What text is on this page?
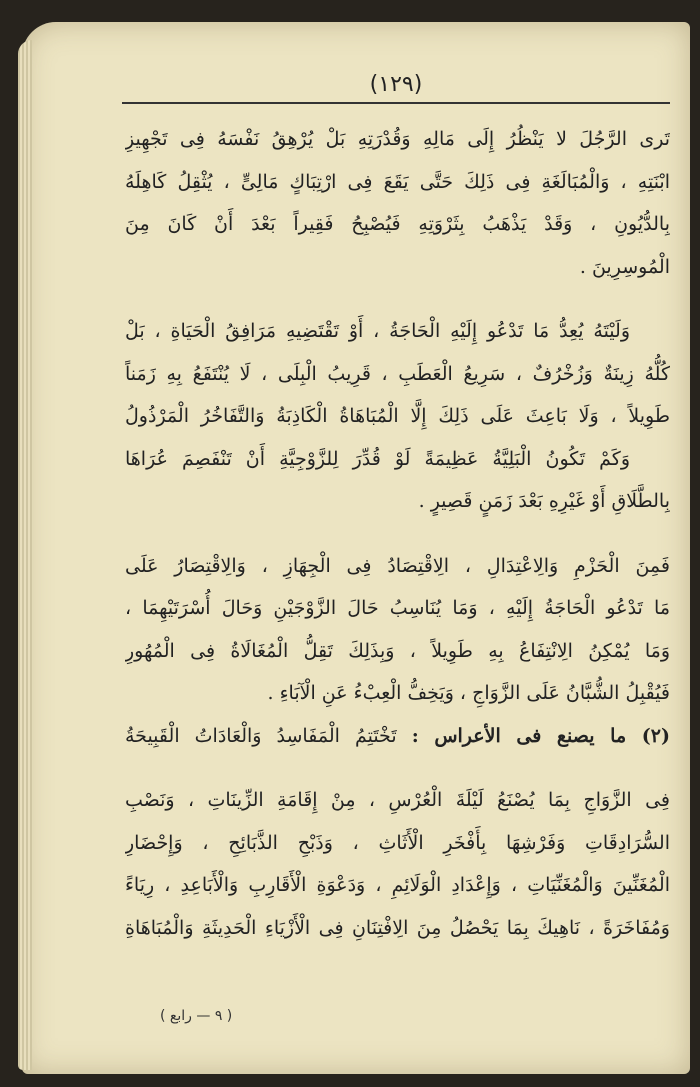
(١٢٩)
تَرى الرَّجُلَ لا يَنْظُرُ إِلَى مَالِهِ وَقُدْرَتِهِ بَلْ يُرْهِقُ نَفْسَهُ فِى تَجْهِيزِ
ابْنَتِهِ ، وَالْمُبَالَغَةِ فِى ذَلِكَ حَتَّى يَقَعَ فِى ارْتِبَاكٍ مَالِىٍّ ، يُثْقِلُ كَاهِلَهُ
بِالدُّيُونِ ، وَقَدْ يَذْهَبُ بِثَرْوَتِهِ فَيُصْبِحُ فَقِيراً بَعْدَ أَنْ كَانَ مِنَ
الْمُوسِرِينَ .
وَلَيْتَهُ يُعِدُّ مَا تَدْعُو إِلَيْهِ الْحَاجَةُ ، أَوْ تَقْتَضِيهِ مَرَافِقُ الْحَيَاةِ ، بَلْ
كُلُّهُ زِينَةٌ وَزُخْرُفٌ ، سَرِيعُ الْعَطَبِ ، قَرِيبُ الْبِلَى ، لَا يُنْتَفَعُ بِهِ زَمَناً
طَوِيلاً ، وَلَا بَاعِثَ عَلَى ذَلِكَ إِلَّا الْمُبَاهَاةُ الْكَاذِبَةُ وَالتَّفَاخُرُ الْمَرْذُولُ
وَكَمْ تَكُونُ الْبَلِيَّةُ عَظِيمَةً لَوْ قُدِّرَ لِلزَّوْجِيَّةِ أَنْ تَنْفَصِمَ عُرَاهَا
بِالطَّلَاقِ أَوْ غَيْرِهِ بَعْدَ زَمَنٍ قَصِيرٍ .
فَمِنَ الْحَزْمِ وَالِاعْتِدَالِ ، الِاقْتِصَادُ فِى الْجِهَازِ ، وَالِاقْتِصَارُ عَلَى
مَا تَدْعُو الْحَاجَةُ إِلَيْهِ ، وَمَا يُنَاسِبُ حَالَ الزَّوْجَيْنِ وَحَالَ أُسْرَتَيْهِمَا ،
وَمَا يُمْكِنُ الِانْتِفَاعُ بِهِ طَوِيلاً ، وَبِذَلِكَ تَقِلُّ الْمُغَالَاةُ فِى الْمُهُورِ
فَيُقْبِلُ الشُّبَّانُ عَلَى الزَّوَاجِ ، وَيَخِفُّ الْعِبْءُ عَنِ الْآبَاءِ .
(٢) ما يصنع فى الأعراس : تَخْتَتِمُ الْمَفَاسِدُ وَالْعَادَاتُ الْقَبِيحَةُ
فِى الزَّوَاجِ بِمَا يُصْنَعُ لَيْلَةَ الْعُرْسِ ، مِنْ إِقَامَةِ الزِّينَاتِ ، وَنَصْبِ
السُّرَادِقَاتِ وَفَرْشِهَا بِأَفْخَرِ الْأَثَاثِ ، وَذَبْحِ الذَّبَائِحِ ، وَإِحْضَارِ
الْمُغَنِّينَ وَالْمُغَنِّيَاتِ ، وَإِعْدَادِ الْوَلَائِمِ ، وَدَعْوَةِ الْأَقَارِبِ وَالْأَبَاعِدِ ، رِيَاءً
وَمُفَاخَرَةً ، نَاهِيكَ بِمَا يَحْصُلُ مِنَ الِافْتِنَانِ فِى الْأَزْيَاءِ الْحَدِيثَةِ وَالْمُبَاهَاةِ
( ٩ — رابع )
